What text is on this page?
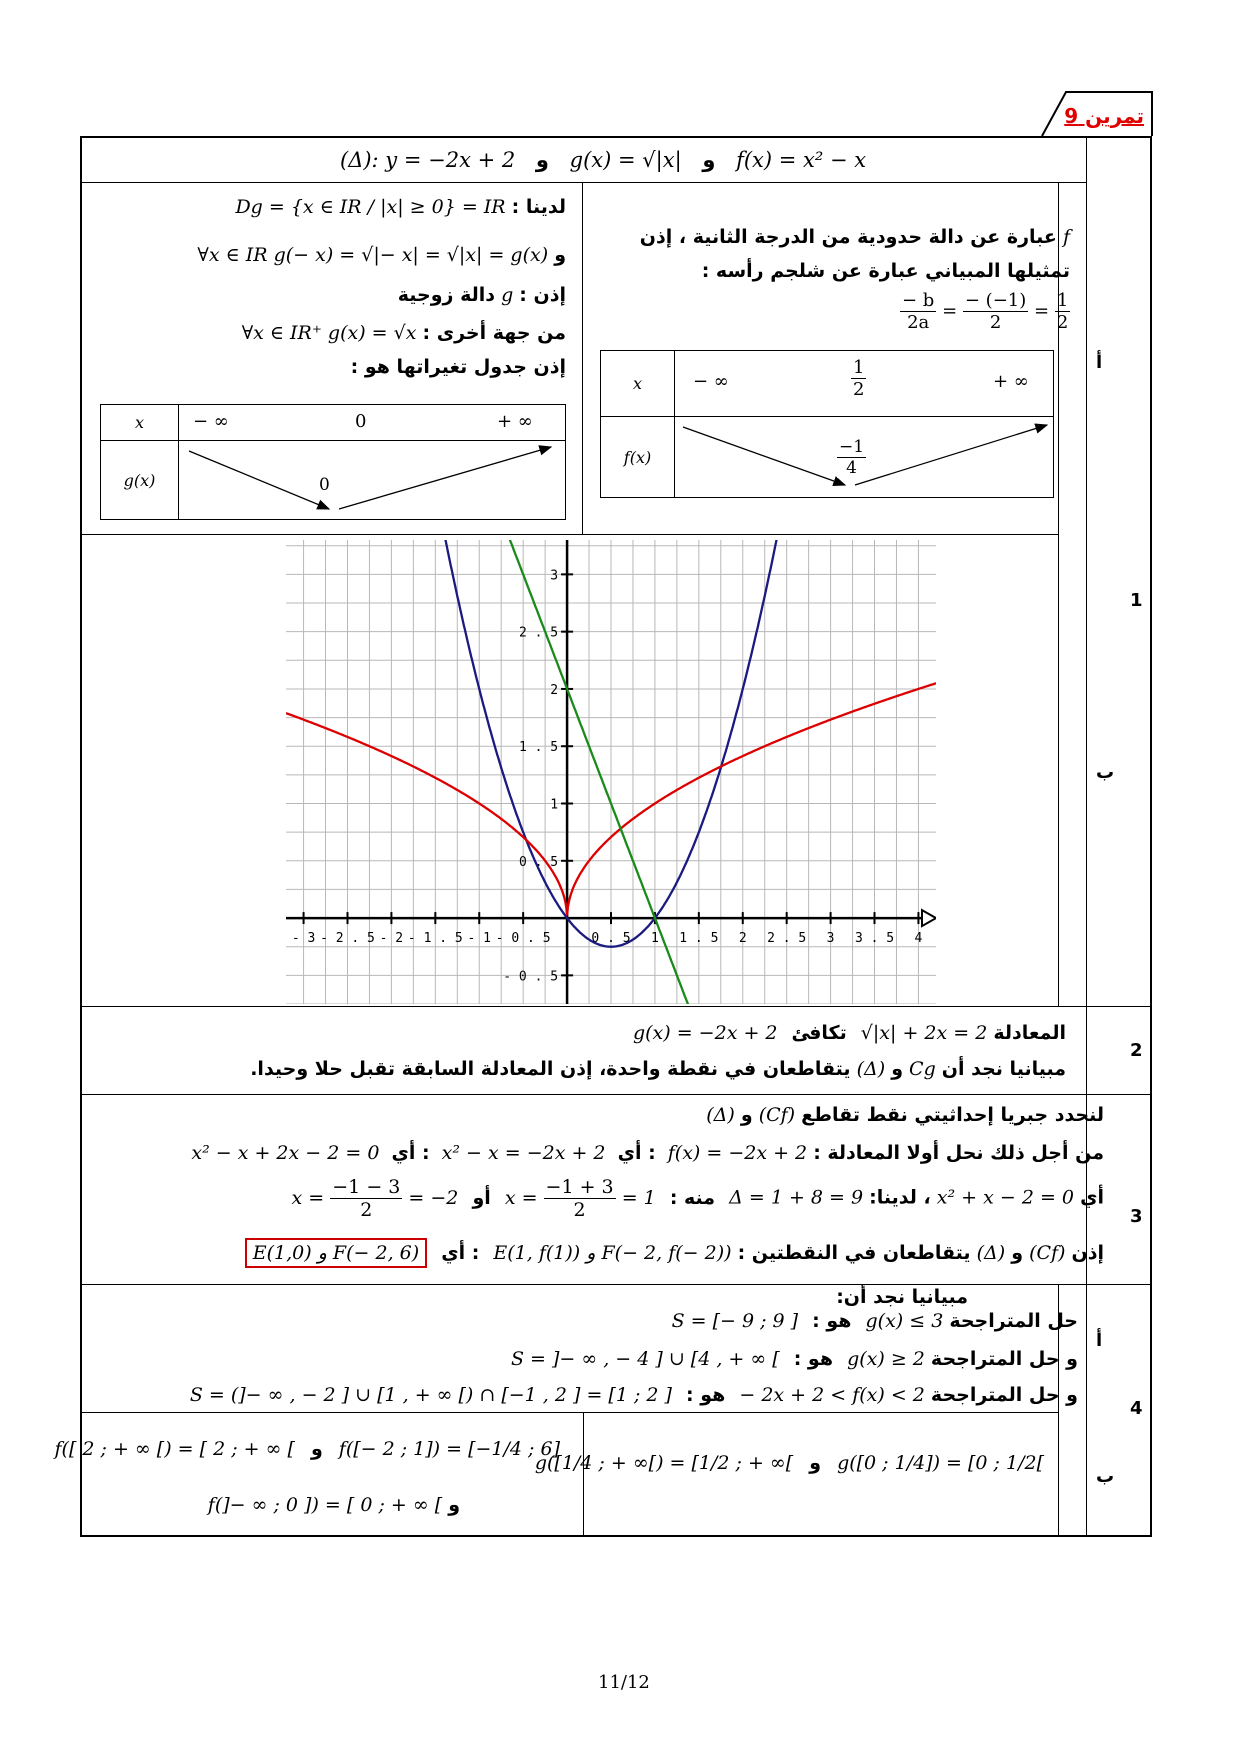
تمرين 9
1
2
3
4
أ
ب
أ
ب
(Δ): y = −2x + 2 و g(x) = √|x| و f(x) = x² − x
f عبارة عن دالة حدودية من الدرجة الثانية ، إذن
تمثيلها المبياني عبارة عن شلجم رأسه :
$\frac{- b}{2a} = \frac{- (-1)}{2} = \frac{1}{2}$
x	− ∞ $\frac{1}{2}$ + ∞

f(x)	$\frac{-1}{4}$
لدينا : Dg = {x ∈ IR / |x| ≥ 0} = IR
و ∀x ∈ IR g(− x) = √|− x| = √|x| = g(x)
إذن : g دالة زوجية
من جهة أخرى : ∀x ∈ IR⁺ g(x) = √x
إذن جدول تغيراتها هو :
x	− ∞ 0 + ∞

g(x)	0
- 3 - 2 . 5 - 2 - 1 . 5 - 1 - 0 . 5	0 . 5 1 1 . 5 2 2 . 5 3 3 . 5 4
3
2 . 5
2
1 . 5
1
0 . 5
- 0 . 5
المعادلة √|x| + 2x = 2 تكافئ g(x) = −2x + 2
مبيانيا نجد أن Cg و (Δ) يتقاطعان في نقطة واحدة، إذن المعادلة السابقة تقبل حلا وحيدا.
لنحدد جبريا إحداثيتي نقط تقاطع (Cf) و (Δ)
من أجل ذلك نحل أولا المعادلة : f(x) = −2x + 2 : أي x² − x = −2x + 2 : أي x² − x + 2x − 2 = 0
أي x² + x − 2 = 0 ، لدينا: Δ = 1 + 8 = 9 منه : $x = \frac{-1 + 3}{2} = 1$ أو $x = \frac{-1 - 3}{2} = -2$
إذن (Cf) و (Δ) يتقاطعان في النقطتين : E(1, f(1)) و F(− 2, f(− 2)) : أي E(1,0) و F(− 2, 6)
مبيانيا نجد أن:
حل المتراجحة g(x) ≤ 3 هو : S = [− 9 ; 9 ]
و حل المتراجحة g(x) ≥ 2 هو : S = ]− ∞ , − 4 ] ∪ [4 , + ∞ [
و حل المتراجحة − 2x + 2 < f(x) < 2 هو : S = (]− ∞ , − 2 ] ∪ [1 , + ∞ [) ∩ [−1 , 2 ] = [1 ; 2 ]
g([0 ; 1/4]) = [0 ; 1/2[ و g([1/4 ; + ∞[) = [1/2 ; + ∞[
f([− 2 ; 1]) = [−1/4 ; 6] و f([ 2 ; + ∞ [) = [ 2 ; + ∞ [
و f(]− ∞ ; 0 ]) = [ 0 ; + ∞ [
11/12
